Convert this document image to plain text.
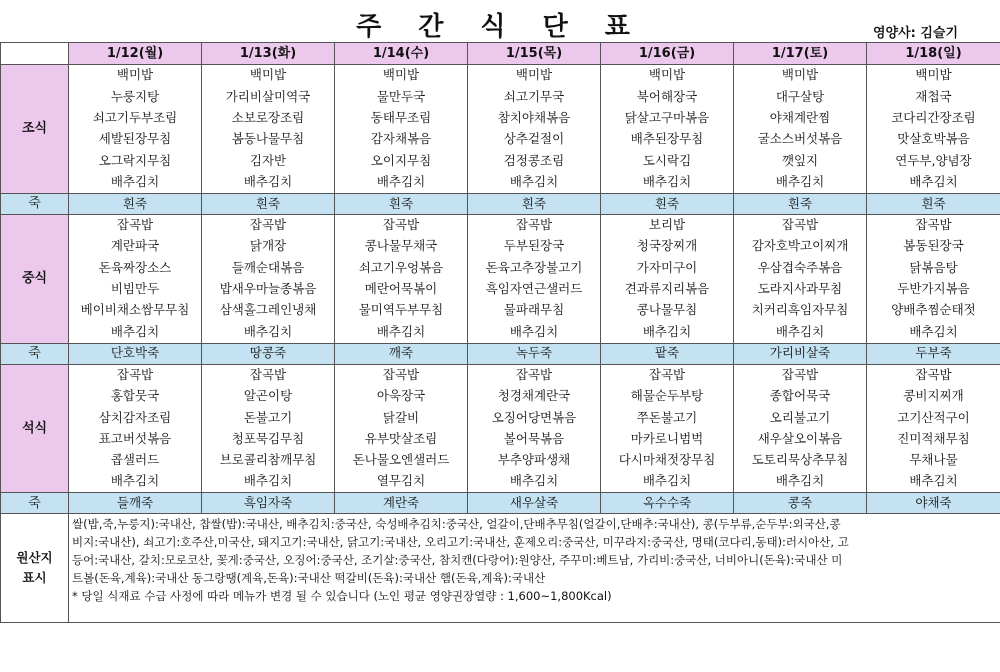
주 간 식 단 표	영양사: 김슬기
	1/12(월)	1/13(화)	1/14(수)	1/15(목)	1/16(금)	1/17(토)	1/18(일)
조식	백미밥	백미밥	백미밥	백미밥	백미밥	백미밥	백미밥
	누룽지탕	가리비살미역국	물만두국	쇠고기무국	북어해장국	대구살탕	재첩국
	쇠고기두부조림	소보로장조림	동태무조림	참치야채볶음	닭살고구마볶음	야채계란찜	코다리간장조림
	세발된장무침	봄동나물무침	감자채볶음	상추겉절이	배추된장무침	굴소스버섯볶음	맛살호박볶음
	오그락지무침	김자반	오이지무침	검정콩조림	도시락김	깻잎지	연두부,양념장
	배추김치	배추김치	배추김치	배추김치	배추김치	배추김치	배추김치
죽	흰죽	흰죽	흰죽	흰죽	흰죽	흰죽	흰죽
중식	잡곡밥	잡곡밥	잡곡밥	잡곡밥	보리밥	잡곡밥	잡곡밥
	계란파국	닭개장	콩나물무채국	두부된장국	청국장찌개	감자호박고이찌개	봄동된장국
	돈육짜장소스	들깨순대볶음	쇠고기우엉볶음	돈육고추장불고기	가자미구이	우삼겹숙주볶음	닭볶음탕
	비빔만두	밥새우마늘종볶음	메란어묵볶이	흑임자연근샐러드	견과류지리볶음	도라지사과무침	두반가지볶음
	베이비채소쌈무무침	삼색홀그레인냉채	물미역두부무침	물파래무침	콩나물무침	치커리흑임자무침	양배추찜순태젓
	배추김치	배추김치	배추김치	배추김치	배추김치	배추김치	배추김치
죽	단호박죽	땅콩죽	깨죽	녹두죽	팥죽	가리비살죽	두부죽
석식	잡곡밥	잡곡밥	잡곡밥	잡곡밥	잡곡밥	잡곡밥	잡곡밥
	홍합뭇국	알곤이탕	아욱장국	청경채계란국	해물순두부탕	종합어묵국	콩비지찌개
	삼치감자조림	돈불고기	닭갈비	오징어당면볶음	쭈돈불고기	오리불고기	고기산적구이
	표고버섯볶음	청포묵김무침	유부맛살조림	볼어묵볶음	마카로니범벅	새우살오이볶음	진미적채무침
	콥샐러드	브로콜리참깨무침	돈나물오엔샐러드	부추양파생채	다시마채젓장무침	도토리묵상추무침	무채나물
	배추김치	배추김치	열무김치	배추김치	배추김치	배추김치	배추김치
죽	들깨죽	흑임자죽	계란죽	새우살죽	옥수수죽	콩죽	야채죽

원산지
표시	쌀(밥,죽,누룽지):국내산, 찹쌀(밥):국내산, 배추김치:중국산, 숙성배추김치:중국산, 얼갈이,단배추무침(얼갈이,단배추:국내산), 콩(두부류,순두부:외국산,콩
비지:국내산), 쇠고기:호주산,미국산, 돼지고기:국내산, 닭고기:국내산, 오리고기:국내산, 훈제오리:중국산, 미꾸라지:중국산, 명태(코다리,동태):러시아산, 고
등어:국내산, 갈치:모로코산, 꽃게:중국산, 오징어:중국산, 조기살:중국산, 참치캔(다랑어):원양산, 주꾸미:베트남, 가리비:중국산, 너비아니(돈육):국내산 미
트볼(돈육,계육):국내산 동그랑땡(계육,돈육):국내산 떡갈비(돈육):국내산 햄(돈육,계육):국내산
* 당일 식재료 수급 사정에 따라 메뉴가 변경 될 수 있습니다 (노인 평균 영양권장열량 : 1,600~1,800Kcal)						
